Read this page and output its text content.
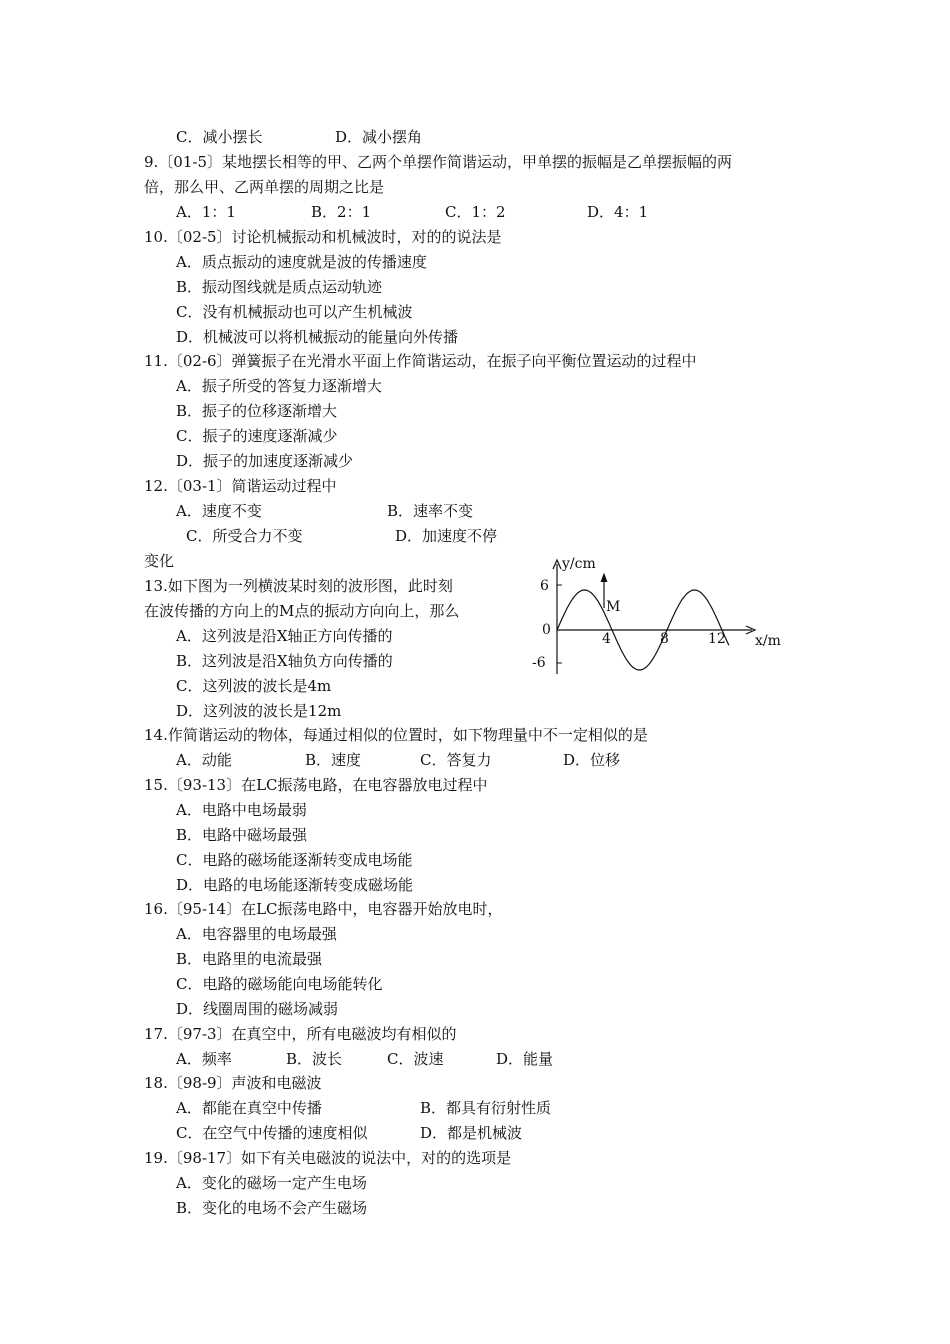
C．减小摆长	D．减小摆角
9.〔01-5〕某地摆长相等的甲、乙两个单摆作简谐运动，甲单摆的振幅是乙单摆振幅的两
倍，那么甲、乙两单摆的周期之比是
A．1：1	B．2：1	C．1：2	D．4：1
10.〔02-5〕讨论机械振动和机械波时，对的的说法是
A．质点振动的速度就是波的传播速度
B．振动图线就是质点运动轨迹
C．没有机械振动也可以产生机械波
D．机械波可以将机械振动的能量向外传播
11.〔02-6〕弹簧振子在光滑水平面上作简谐运动，在振子向平衡位置运动的过程中
A．振子所受的答复力逐渐增大
B．振子的位移逐渐增大
C．振子的速度逐渐减少
D．振子的加速度逐渐减少
12.〔03-1〕简谐运动过程中
A．速度不变	B．速率不变
C．所受合力不变	D．加速度不停
变化
13.如下图为一列横波某时刻的波形图，此时刻
在波传播的方向上的M点的振动方向向上，那么
A．这列波是沿X轴正方向传播的
B．这列波是沿X轴负方向传播的
C．这列波的波长是4m
D．这列波的波长是12m
M
y/cm
x/m
0
6
-6
4	8	12
14.作简谐运动的物体，每通过相似的位置时，如下物理量中不一定相似的是
A．动能	B．速度	C．答复力	D．位移
15.〔93-13〕在LC振荡电路，在电容器放电过程中
A．电路中电场最弱
B．电路中磁场最强
C．电路的磁场能逐渐转变成电场能
D．电路的电场能逐渐转变成磁场能
16.〔95-14〕在LC振荡电路中，电容器开始放电时，
A．电容器里的电场最强
B．电路里的电流最强
C．电路的磁场能向电场能转化
D．线圈周围的磁场减弱
17.〔97-3〕在真空中，所有电磁波均有相似的
A．频率	B．波长	C．波速	D．能量
18.〔98-9〕声波和电磁波
A．都能在真空中传播	B．都具有衍射性质
C．在空气中传播的速度相似	D．都是机械波
19.〔98-17〕如下有关电磁波的说法中，对的的选项是
A．变化的磁场一定产生电场
B．变化的电场不会产生磁场
